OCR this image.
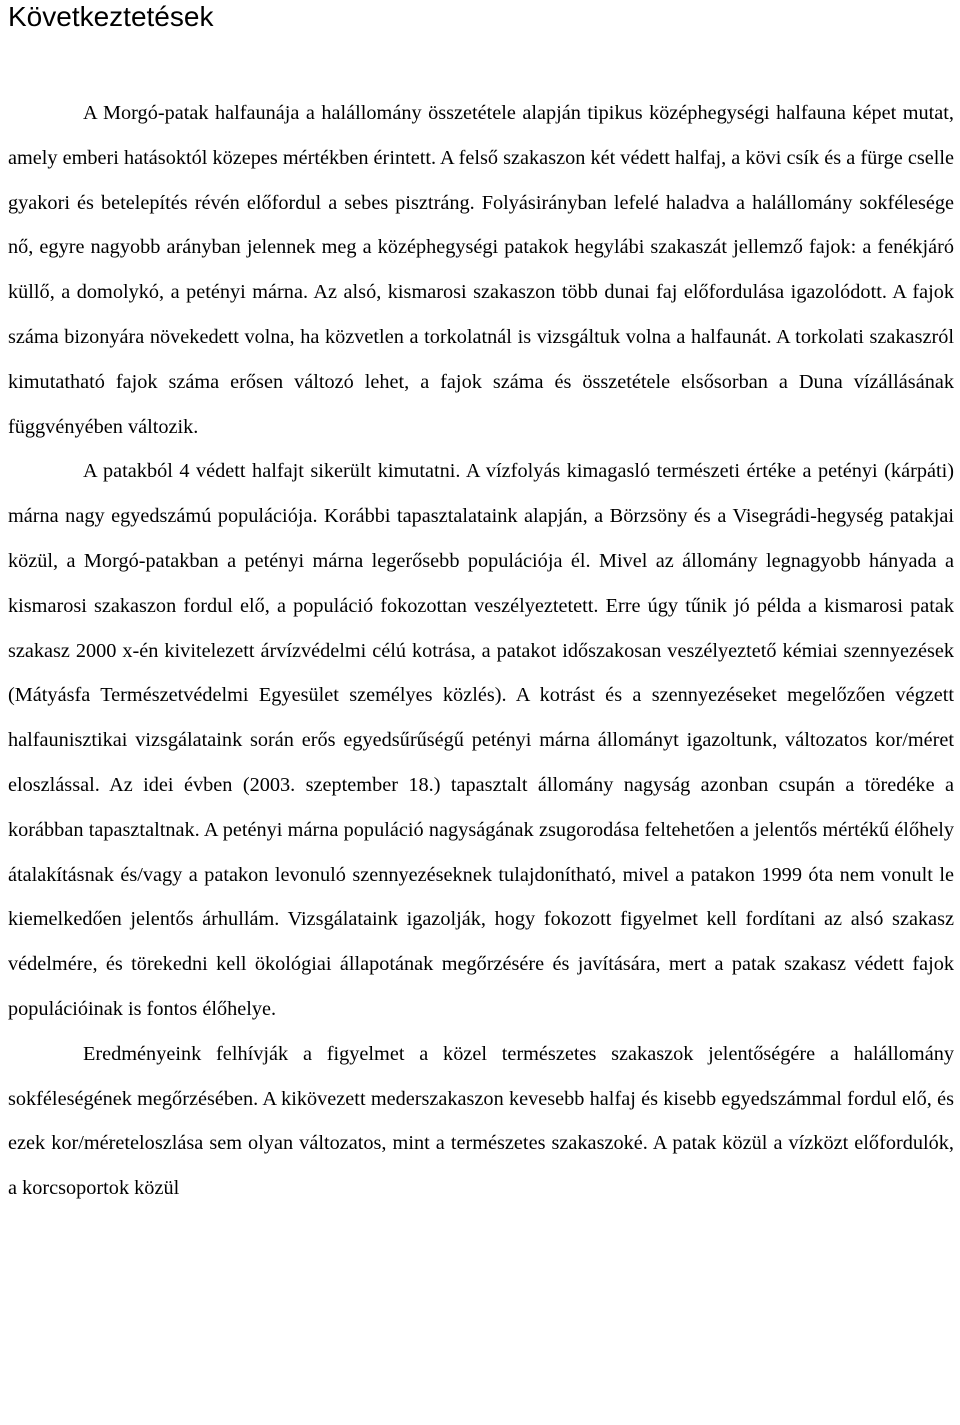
Következtetések

A Morgó-patak halfaunája a halállomány összetétele alapján tipikus középhegységi halfauna képet mutat, amely emberi hatásoktól közepes mértékben érintett. A felső szakaszon két védett halfaj, a kövi csík és a fürge cselle gyakori és betelepítés révén előfordul a sebes pisztráng. Folyásirányban lefelé haladva a halállomány sokfélesége nő, egyre nagyobb arányban jelennek meg a középhegységi patakok hegylábi szakaszát jellemző fajok: a fenékjáró küllő, a domolykó, a petényi márna. Az alsó, kismarosi szakaszon több dunai faj előfordulása igazolódott. A fajok száma bizonyára növekedett volna, ha közvetlen a torkolatnál is vizsgáltuk volna a halfaunát. A torkolati szakaszról kimutatható fajok száma erősen változó lehet, a fajok száma és összetétele elsősorban a Duna vízállásának függvényében változik.

A patakból 4 védett halfajt sikerült kimutatni. A vízfolyás kimagasló természeti értéke a petényi (kárpáti) márna nagy egyedszámú populációja. Korábbi tapasztalataink alapján, a Börzsöny és a Visegrádi-hegység patakjai közül, a Morgó-patakban a petényi márna legerősebb populációja él. Mivel az állomány legnagyobb hányada a kismarosi szakaszon fordul elő, a populáció fokozottan veszélyeztetett. Erre úgy tűnik jó példa a kismarosi patak szakasz 2000 x-én kivitelezett árvízvédelmi célú kotrása, a patakot időszakosan veszélyeztető kémiai szennyezések (Mátyásfa Természetvédelmi Egyesület személyes közlés). A kotrást és a szennyezéseket megelőzően végzett halfaunisztikai vizsgálataink során erős egyedsűrűségű petényi márna állományt igazoltunk, változatos kor/méret eloszlással. Az idei évben (2003. szeptember 18.) tapasztalt állomány nagyság azonban csupán a töredéke a korábban tapasztaltnak. A petényi márna populáció nagyságának zsugorodása feltehetően a jelentős mértékű élőhely átalakításnak és/vagy a patakon levonuló szennyezéseknek tulajdonítható, mivel a patakon 1999 óta nem vonult le kiemelkedően jelentős árhullám. Vizsgálataink igazolják, hogy fokozott figyelmet kell fordítani az alsó szakasz védelmére, és törekedni kell ökológiai állapotának megőrzésére és javítására, mert a patak szakasz védett fajok populációinak is fontos élőhelye.

Eredményeink felhívják a figyelmet a közel természetes szakaszok jelentőségére a halállomány sokféleségének megőrzésében. A kikövezett mederszakaszon kevesebb halfaj és kisebb egyedszámmal fordul elő, és ezek kor/méreteloszlása sem olyan változatos, mint a természetes szakaszoké. A patak közül a vízközt előfordulók, a korcsoportok közül
